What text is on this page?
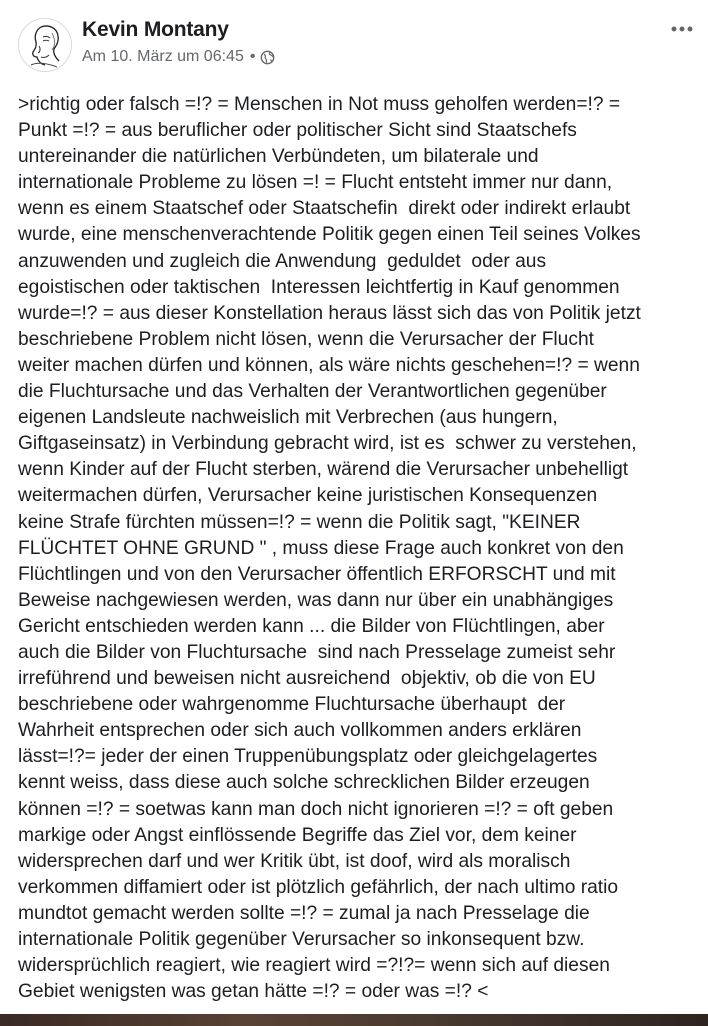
Kevin Montany
Am 10. März um 06:45 •
>richtig oder falsch =!? = Menschen in Not muss geholfen werden=!? =
Punkt =!? = aus beruflicher oder politischer Sicht sind Staatschefs
untereinander die natürlichen Verbündeten, um bilaterale und
internationale Probleme zu lösen =! = Flucht entsteht immer nur dann,
wenn es einem Staatschef oder Staatschefin  direkt oder indirekt erlaubt
wurde, eine menschenverachtende Politik gegen einen Teil seines Volkes
anzuwenden und zugleich die Anwendung  geduldet  oder aus
egoistischen oder taktischen  Interessen leichtfertig in Kauf genommen
wurde=!? = aus dieser Konstellation heraus lässt sich das von Politik jetzt
beschriebene Problem nicht lösen, wenn die Verursacher der Flucht
weiter machen dürfen und können, als wäre nichts geschehen=!? = wenn
die Fluchtursache und das Verhalten der Verantwortlichen gegenüber
eigenen Landsleute nachweislich mit Verbrechen (aus hungern,
Giftgaseinsatz) in Verbindung gebracht wird, ist es  schwer zu verstehen,
wenn Kinder auf der Flucht sterben, wärend die Verursacher unbehelligt
weitermachen dürfen, Verursacher keine juristischen Konsequenzen
keine Strafe fürchten müssen=!? = wenn die Politik sagt, "KEINER
FLÜCHTET OHNE GRUND " , muss diese Frage auch konkret von den
Flüchtlingen und von den Verursacher öffentlich ERFORSCHT und mit
Beweise nachgewiesen werden, was dann nur über ein unabhängiges
Gericht entschieden werden kann ... die Bilder von Flüchtlingen, aber
auch die Bilder von Fluchtursache  sind nach Presselage zumeist sehr
irreführend und beweisen nicht ausreichend  objektiv, ob die von EU
beschriebene oder wahrgenomme Fluchtursache überhaupt  der
Wahrheit entsprechen oder sich auch vollkommen anders erklären
lässt=!?= jeder der einen Truppenübungsplatz oder gleichgelagertes
kennt weiss, dass diese auch solche schrecklichen Bilder erzeugen
können =!? = soetwas kann man doch nicht ignorieren =!? = oft geben
markige oder Angst einflössende Begriffe das Ziel vor, dem keiner
widersprechen darf und wer Kritik übt, ist doof, wird als moralisch
verkommen diffamiert oder ist plötzlich gefährlich, der nach ultimo ratio
mundtot gemacht werden sollte =!? = zumal ja nach Presselage die
internationale Politik gegenüber Verursacher so inkonsequent bzw.
widersprüchlich reagiert, wie reagiert wird =?!?= wenn sich auf diesen
Gebiet wenigsten was getan hätte =!? = oder was =!? <
